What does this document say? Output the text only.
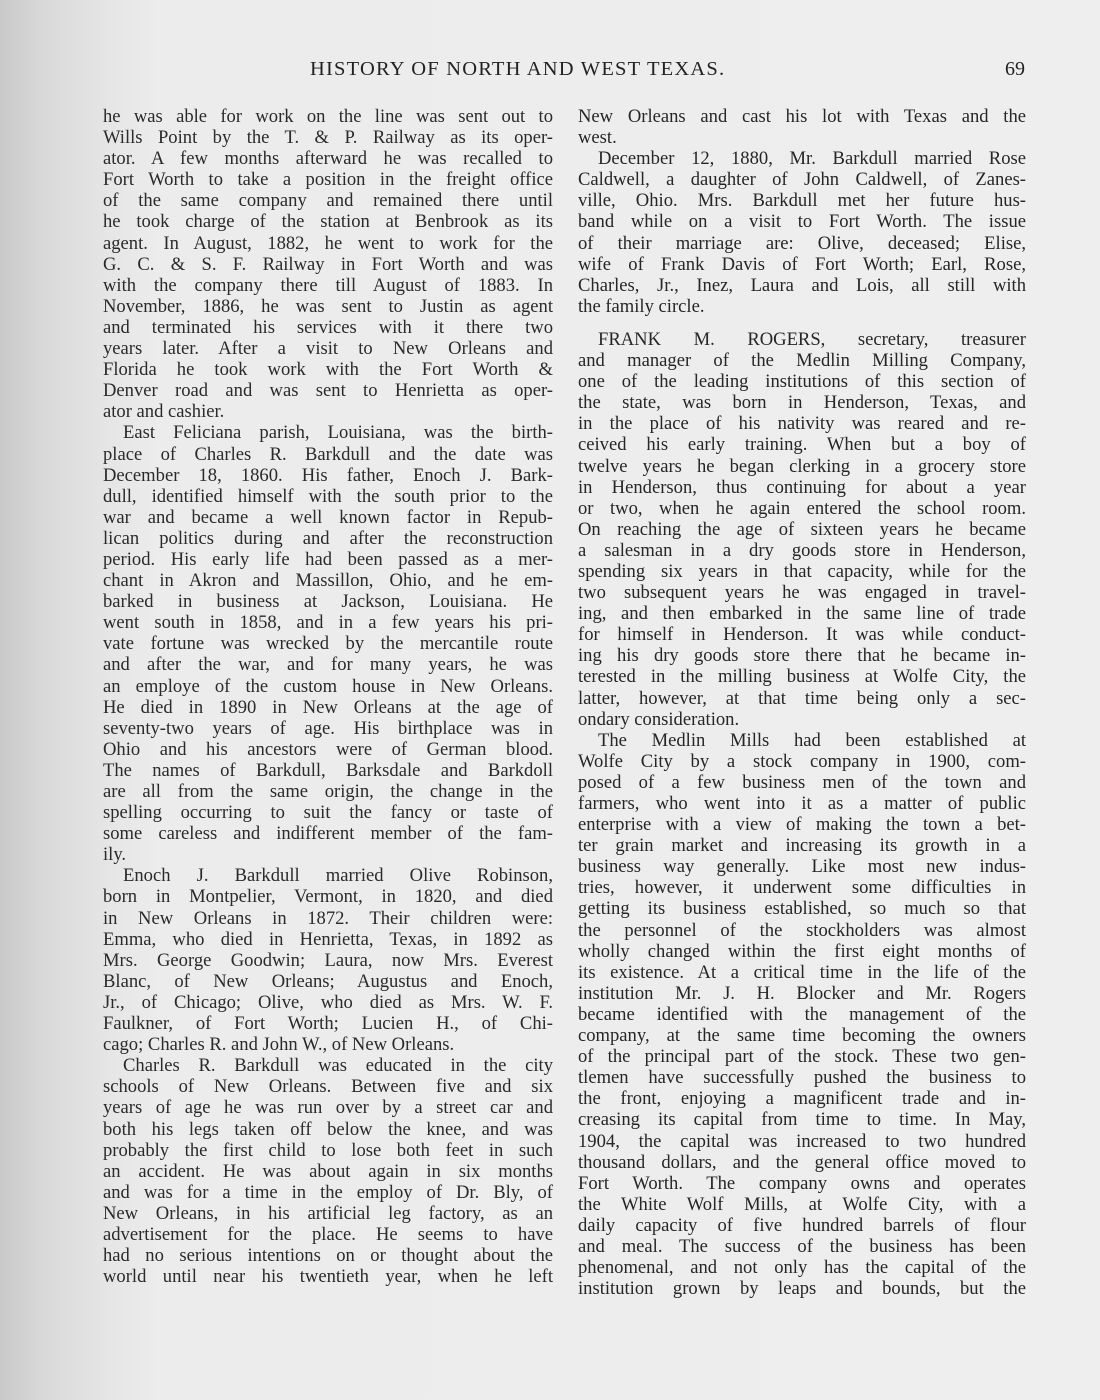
HISTORY OF NORTH AND WEST TEXAS.	69
he was able for work on the line was sent out to
Wills Point by the T. & P. Railway as its oper-
ator. A few months afterward he was recalled to
Fort Worth to take a position in the freight office
of the same company and remained there until
he took charge of the station at Benbrook as its
agent. In August, 1882, he went to work for the
G. C. & S. F. Railway in Fort Worth and was
with the company there till August of 1883. In
November, 1886, he was sent to Justin as agent
and terminated his services with it there two
years later. After a visit to New Orleans and
Florida he took work with the Fort Worth &
Denver road and was sent to Henrietta as oper-
ator and cashier.
East Feliciana parish, Louisiana, was the birth-
place of Charles R. Barkdull and the date was
December 18, 1860. His father, Enoch J. Bark-
dull, identified himself with the south prior to the
war and became a well known factor in Repub-
lican politics during and after the reconstruction
period. His early life had been passed as a mer-
chant in Akron and Massillon, Ohio, and he em-
barked in business at Jackson, Louisiana. He
went south in 1858, and in a few years his pri-
vate fortune was wrecked by the mercantile route
and after the war, and for many years, he was
an employe of the custom house in New Orleans.
He died in 1890 in New Orleans at the age of
seventy-two years of age. His birthplace was in
Ohio and his ancestors were of German blood.
The names of Barkdull, Barksdale and Barkdoll
are all from the same origin, the change in the
spelling occurring to suit the fancy or taste of
some careless and indifferent member of the fam-
ily.
Enoch J. Barkdull married Olive Robinson,
born in Montpelier, Vermont, in 1820, and died
in New Orleans in 1872. Their children were:
Emma, who died in Henrietta, Texas, in 1892 as
Mrs. George Goodwin; Laura, now Mrs. Everest
Blanc, of New Orleans; Augustus and Enoch,
Jr., of Chicago; Olive, who died as Mrs. W. F.
Faulkner, of Fort Worth; Lucien H., of Chi-
cago; Charles R. and John W., of New Orleans.
Charles R. Barkdull was educated in the city
schools of New Orleans. Between five and six
years of age he was run over by a street car and
both his legs taken off below the knee, and was
probably the first child to lose both feet in such
an accident. He was about again in six months
and was for a time in the employ of Dr. Bly, of
New Orleans, in his artificial leg factory, as an
advertisement for the place. He seems to have
had no serious intentions on or thought about the
world until near his twentieth year, when he left
New Orleans and cast his lot with Texas and the
west.
December 12, 1880, Mr. Barkdull married Rose
Caldwell, a daughter of John Caldwell, of Zanes-
ville, Ohio. Mrs. Barkdull met her future hus-
band while on a visit to Fort Worth. The issue
of their marriage are: Olive, deceased; Elise,
wife of Frank Davis of Fort Worth; Earl, Rose,
Charles, Jr., Inez, Laura and Lois, all still with
the family circle.
FRANK M. ROGERS, secretary, treasurer
and manager of the Medlin Milling Company,
one of the leading institutions of this section of
the state, was born in Henderson, Texas, and
in the place of his nativity was reared and re-
ceived his early training. When but a boy of
twelve years he began clerking in a grocery store
in Henderson, thus continuing for about a year
or two, when he again entered the school room.
On reaching the age of sixteen years he became
a salesman in a dry goods store in Henderson,
spending six years in that capacity, while for the
two subsequent years he was engaged in travel-
ing, and then embarked in the same line of trade
for himself in Henderson. It was while conduct-
ing his dry goods store there that he became in-
terested in the milling business at Wolfe City, the
latter, however, at that time being only a sec-
ondary consideration.
The Medlin Mills had been established at
Wolfe City by a stock company in 1900, com-
posed of a few business men of the town and
farmers, who went into it as a matter of public
enterprise with a view of making the town a bet-
ter grain market and increasing its growth in a
business way generally. Like most new indus-
tries, however, it underwent some difficulties in
getting its business established, so much so that
the personnel of the stockholders was almost
wholly changed within the first eight months of
its existence. At a critical time in the life of the
institution Mr. J. H. Blocker and Mr. Rogers
became identified with the management of the
company, at the same time becoming the owners
of the principal part of the stock. These two gen-
tlemen have successfully pushed the business to
the front, enjoying a magnificent trade and in-
creasing its capital from time to time. In May,
1904, the capital was increased to two hundred
thousand dollars, and the general office moved to
Fort Worth. The company owns and operates
the White Wolf Mills, at Wolfe City, with a
daily capacity of five hundred barrels of flour
and meal. The success of the business has been
phenomenal, and not only has the capital of the
institution grown by leaps and bounds, but the
